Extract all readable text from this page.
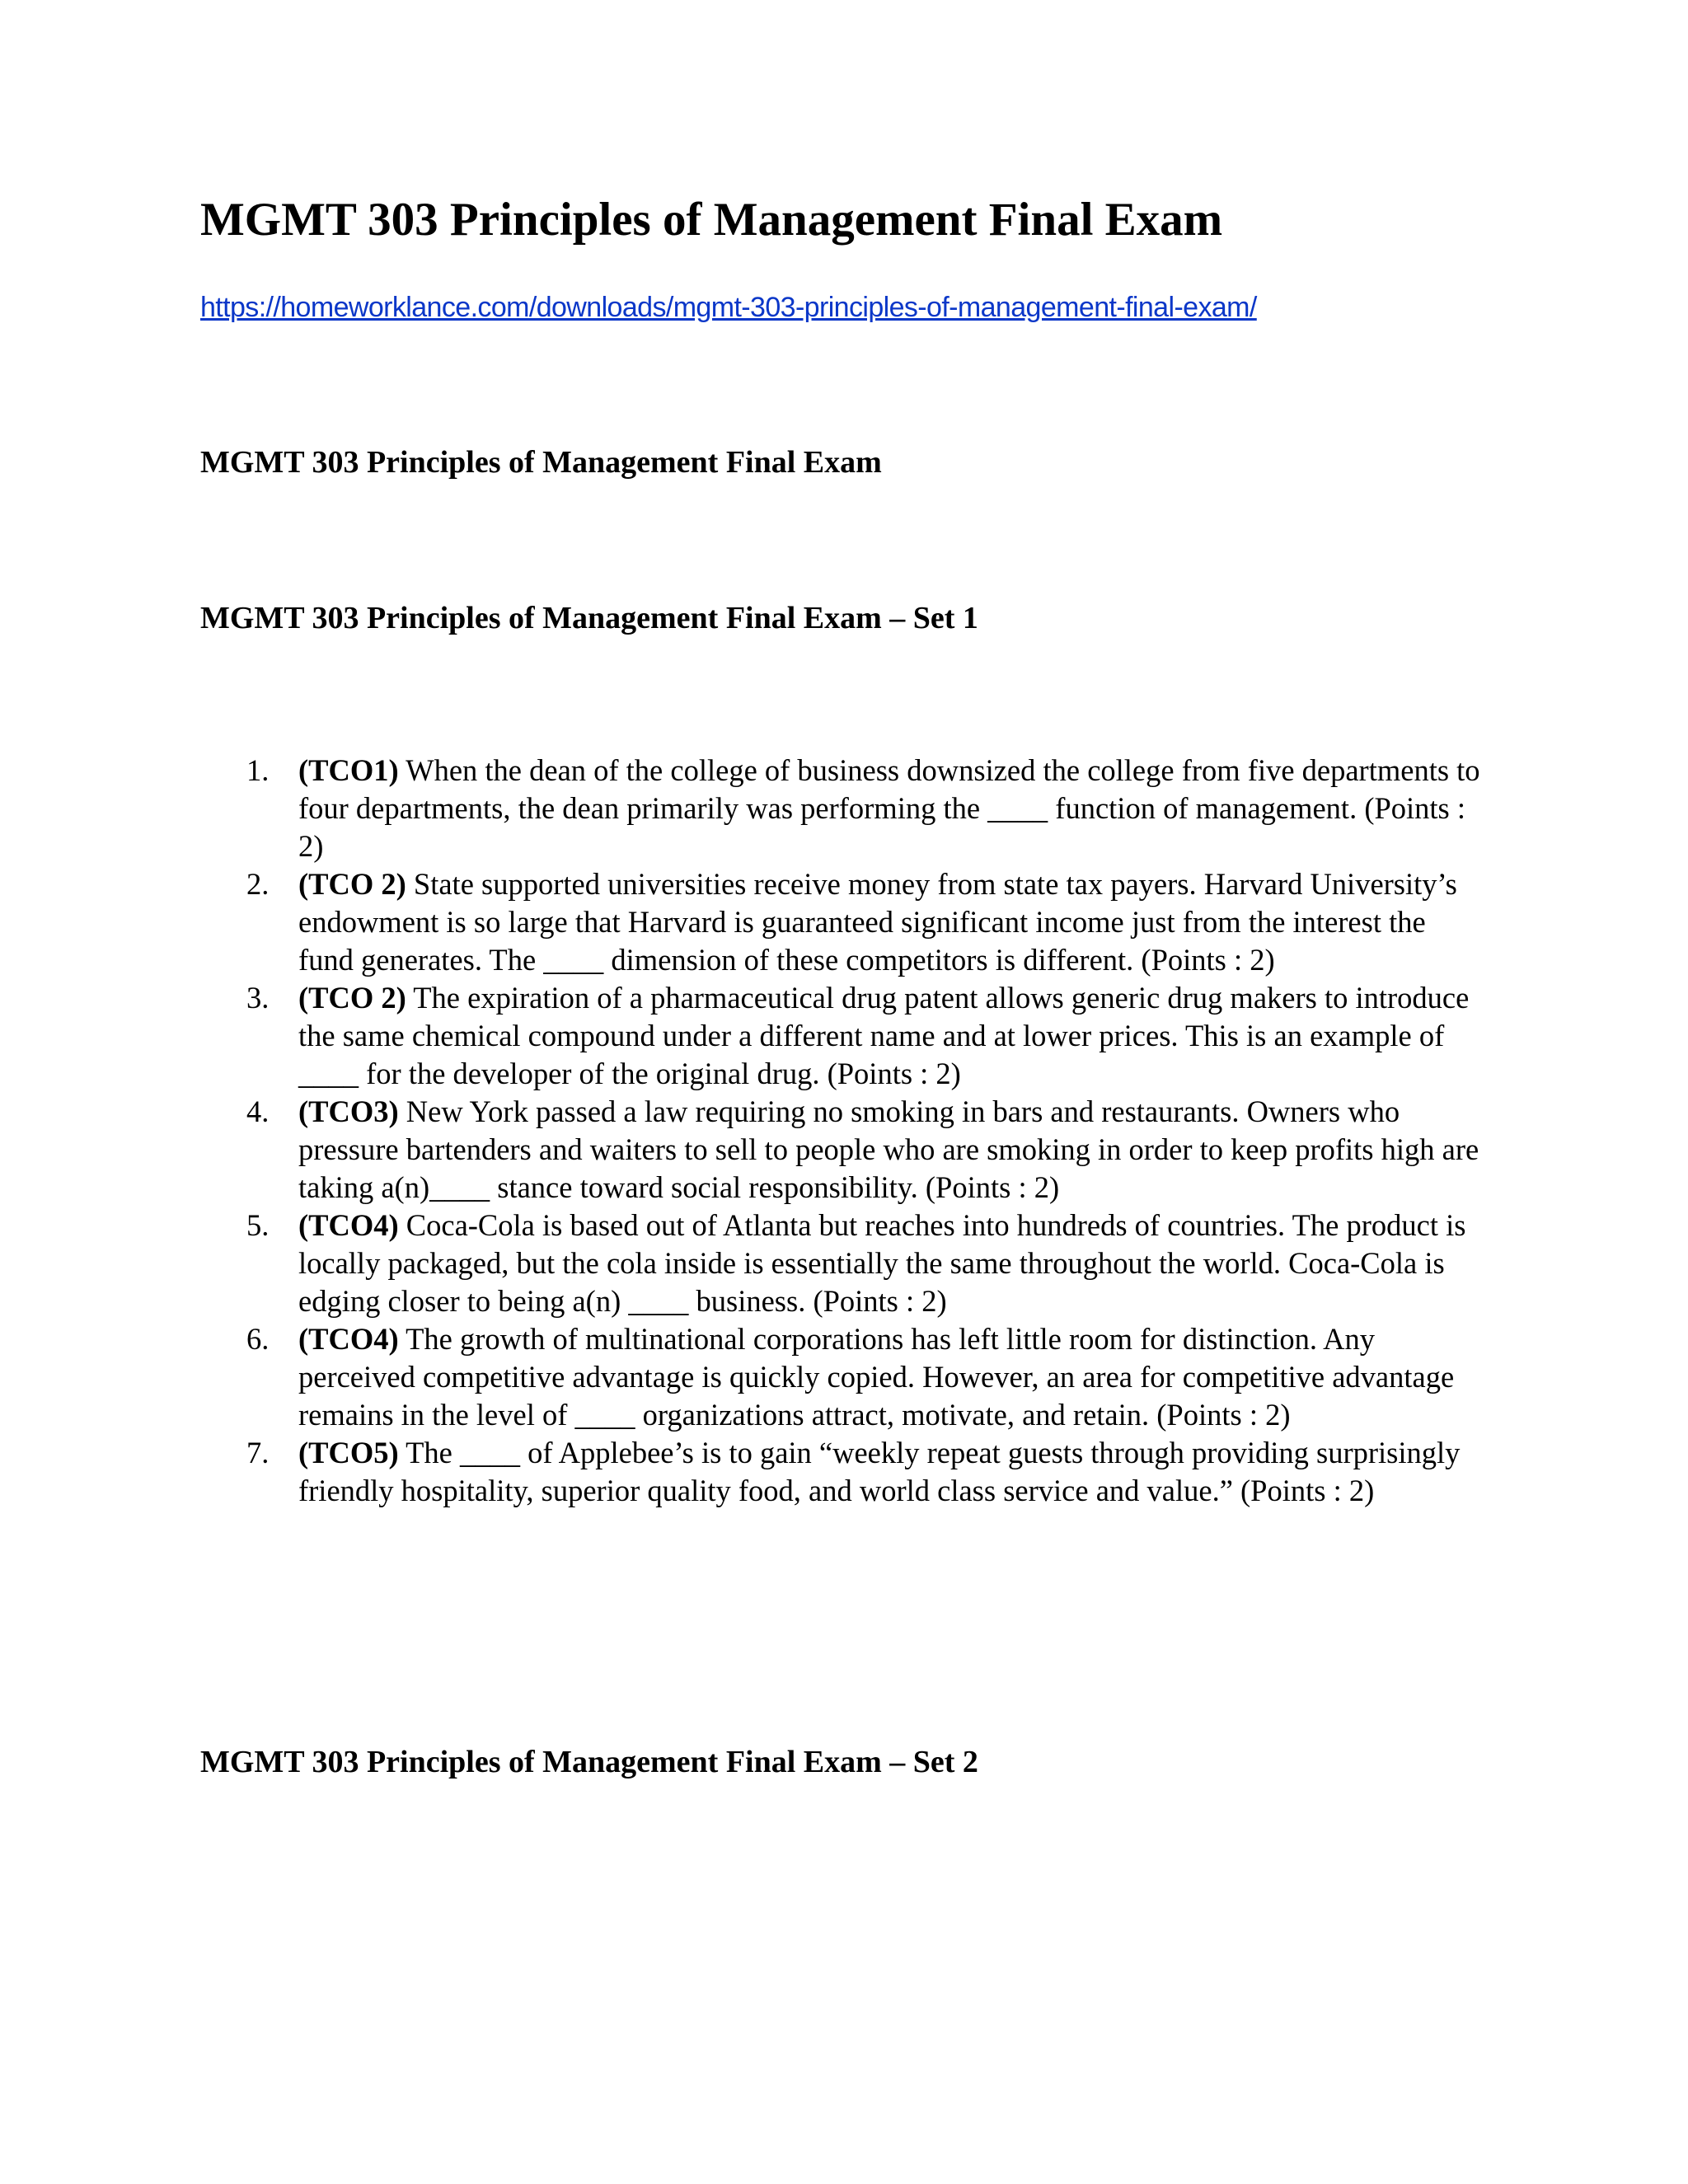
MGMT 303 Principles of Management Final Exam
https://homeworklance.com/downloads/mgmt-303-principles-of-management-final-exam/
MGMT 303 Principles of Management Final Exam
MGMT 303 Principles of Management Final Exam – Set 1
1. (TCO1) When the dean of the college of business downsized the college from five departments to four departments, the dean primarily was performing the ____ function of management. (Points : 2)
2. (TCO 2) State supported universities receive money from state tax payers. Harvard University’s endowment is so large that Harvard is guaranteed significant income just from the interest the fund generates. The ____ dimension of these competitors is different. (Points : 2)
3. (TCO 2) The expiration of a pharmaceutical drug patent allows generic drug makers to introduce the same chemical compound under a different name and at lower prices. This is an example of ____ for the developer of the original drug. (Points : 2)
4. (TCO3) New York passed a law requiring no smoking in bars and restaurants. Owners who pressure bartenders and waiters to sell to people who are smoking in order to keep profits high are taking a(n)____ stance toward social responsibility. (Points : 2)
5. (TCO4) Coca-Cola is based out of Atlanta but reaches into hundreds of countries. The product is locally packaged, but the cola inside is essentially the same throughout the world. Coca-Cola is edging closer to being a(n) ____ business. (Points : 2)
6. (TCO4) The growth of multinational corporations has left little room for distinction. Any perceived competitive advantage is quickly copied. However, an area for competitive advantage remains in the level of ____ organizations attract, motivate, and retain. (Points : 2)
7. (TCO5) The ____ of Applebee’s is to gain “weekly repeat guests through providing surprisingly friendly hospitality, superior quality food, and world class service and value.” (Points : 2)
MGMT 303 Principles of Management Final Exam – Set 2
